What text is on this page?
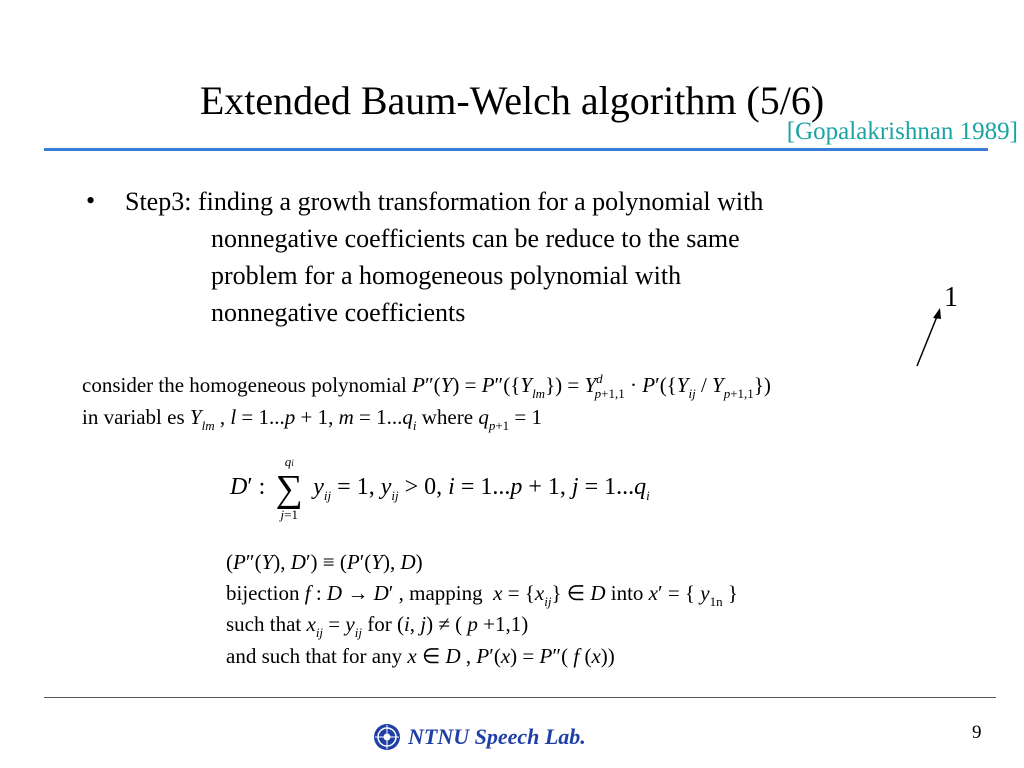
Extended Baum-Welch algorithm (5/6)
[Gopalakrishnan 1989]
• Step3: finding a growth transformation for a polynomial with
nonnegative coefficients can be reduce to the same
problem for a homogeneous polynomial with
nonnegative coefficients	1
consider the homogeneous polynomial $P''(Y) = P''(\{Y_{lm}\}) = Y^d_{p+1,1} \cdot P'(\{Y_{ij} / Y_{p+1,1}\})$
in variabl es $Y_{lm}$ , l = 1...p + 1, $m = 1...q_i$ where $q_{p+1} = 1$
D′ :
qi
∑
j=1
$y_{ij} = 1$, $y_{ij} > 0$, i = 1...p + 1, $j = 1...q_i$
(P″(Y), D′) ≡ (P′(Y), D)
bijection f : D → D′ , mapping $x = \{x_{ij}\}$ ∈ D into x′ = { $y_{1n}$ }
such that $x_{ij} = y_{ij}$ for (i, j) ≠ ( p +1,1)
and such that for any x ∈ D , P′(x) = P″( f (x))
NTNU Speech Lab.	9
